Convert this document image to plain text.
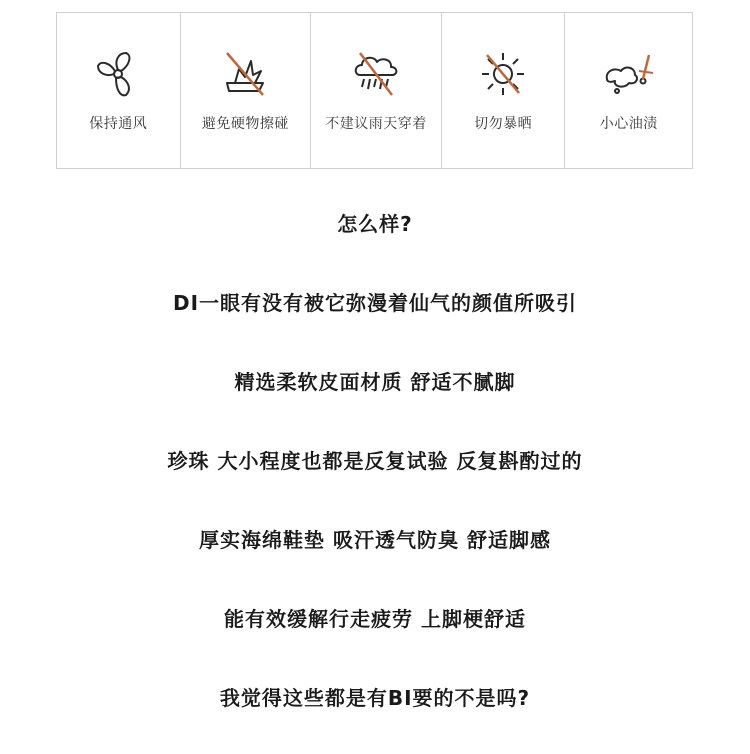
保持通风	避免硬物擦碰	不建议雨天穿着	切勿暴晒	小心油渍
怎么样?
DI一眼有没有被它弥漫着仙气的颜值所吸引
精选柔软皮面材质 舒适不腻脚
珍珠 大小程度也都是反复试验 反复斟酌过的
厚实海绵鞋垫 吸汗透气防臭 舒适脚感
能有效缓解行走疲劳 上脚梗舒适
我觉得这些都是有BI要的不是吗?
